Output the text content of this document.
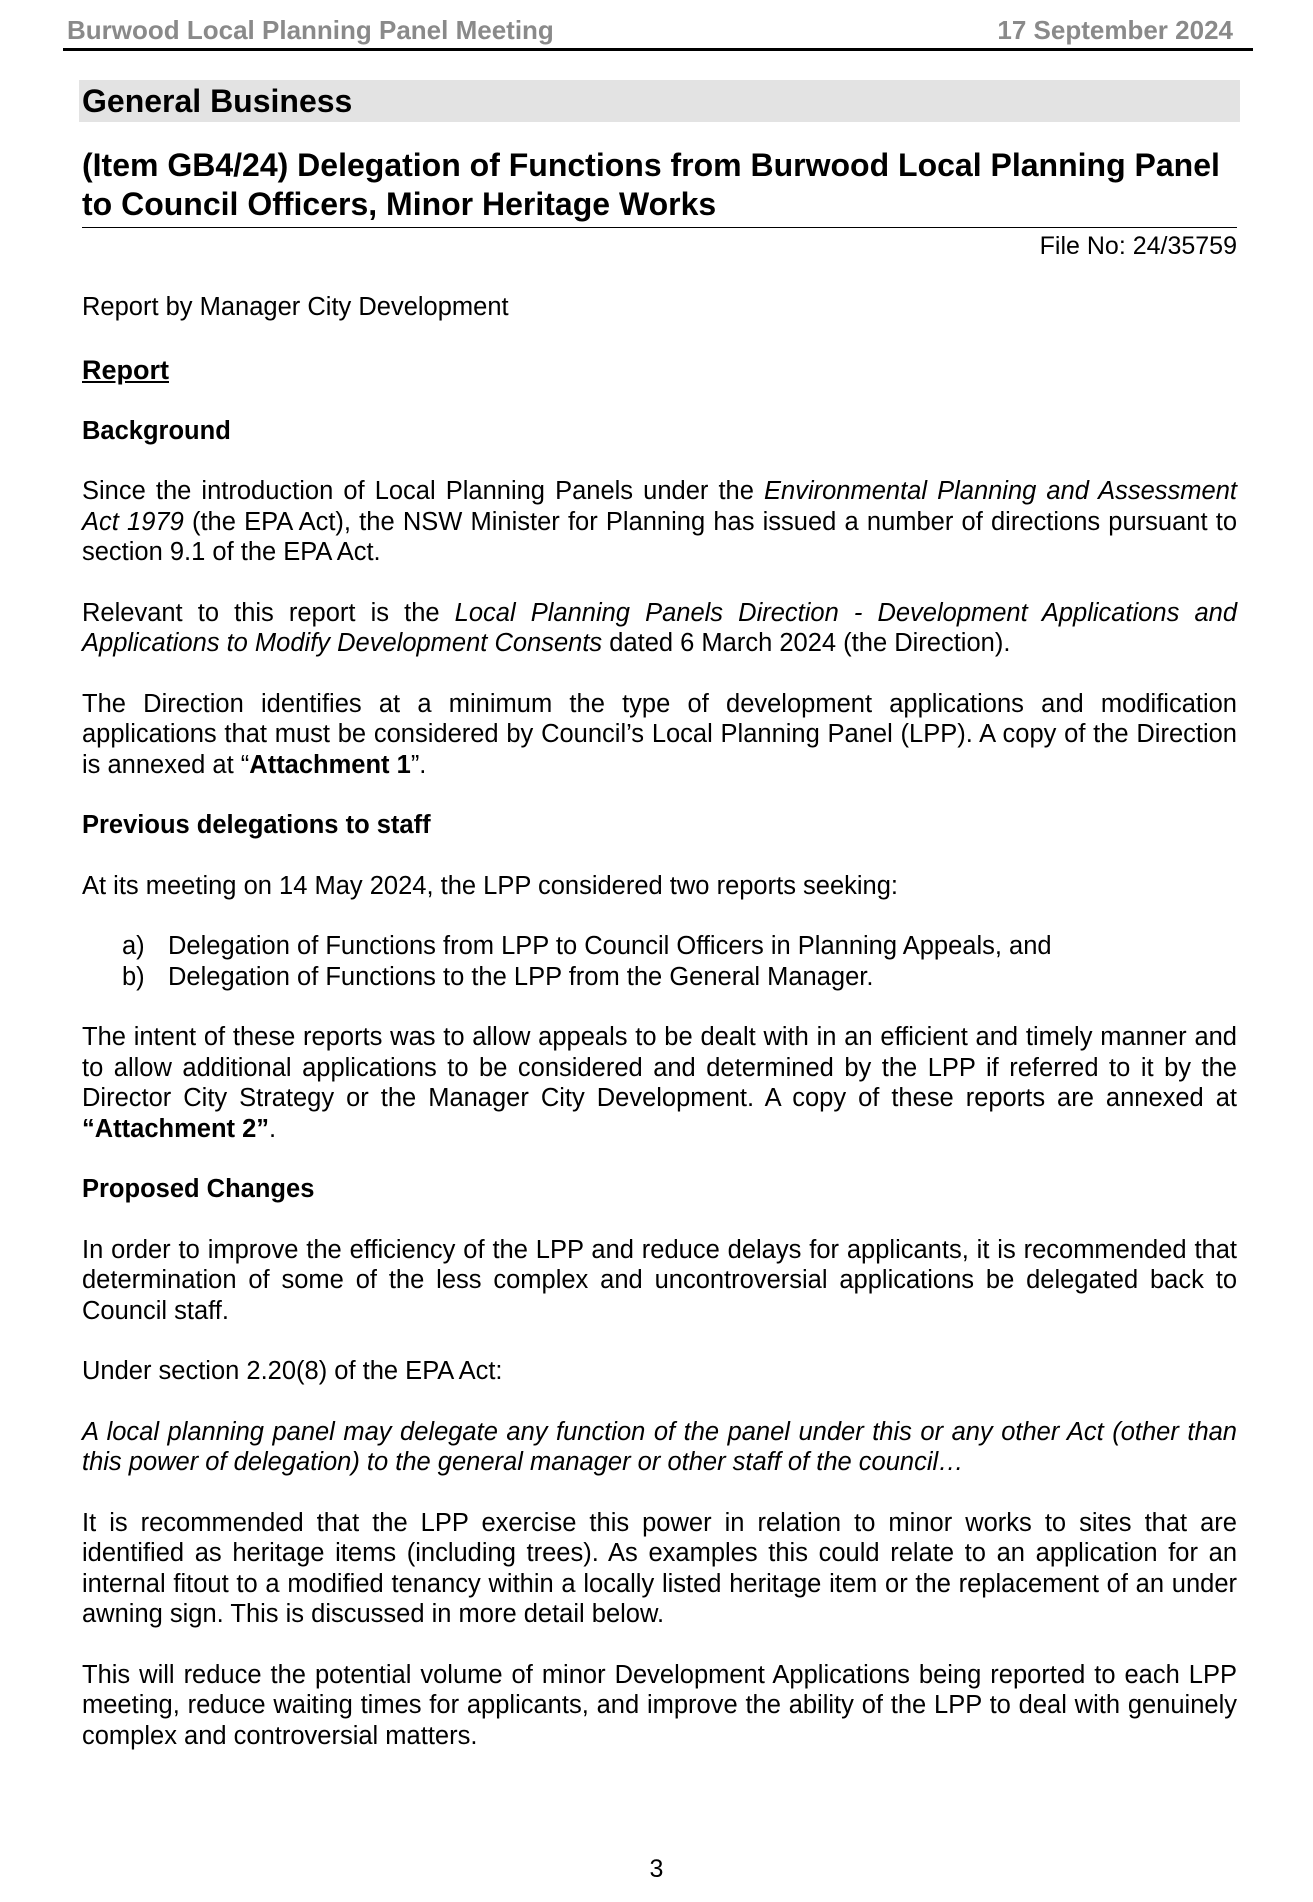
Burwood Local Planning Panel Meeting	17 September 2024
General Business
(Item GB4/24) Delegation of Functions from Burwood Local Planning Panel to Council Officers, Minor Heritage Works
File No: 24/35759

Report by Manager City Development

Report
Background

Since the introduction of Local Planning Panels under the Environmental Planning and Assessment Act 1979 (the EPA Act), the NSW Minister for Planning has issued a number of directions pursuant to section 9.1 of the EPA Act.

Relevant to this report is the Local Planning Panels Direction - Development Applications and Applications to Modify Development Consents dated 6 March 2024 (the Direction).

The Direction identifies at a minimum the type of development applications and modification applications that must be considered by Council’s Local Planning Panel (LPP). A copy of the Direction is annexed at “Attachment 1”.

Previous delegations to staff

At its meeting on 14 May 2024, the LPP considered two reports seeking:

a) Delegation of Functions from LPP to Council Officers in Planning Appeals, and
b) Delegation of Functions to the LPP from the General Manager.

The intent of these reports was to allow appeals to be dealt with in an efficient and timely manner and to allow additional applications to be considered and determined by the LPP if referred to it by the Director City Strategy or the Manager City Development. A copy of these reports are annexed at “Attachment 2”.

Proposed Changes

In order to improve the efficiency of the LPP and reduce delays for applicants, it is recommended that determination of some of the less complex and uncontroversial applications be delegated back to Council staff.

Under section 2.20(8) of the EPA Act:

A local planning panel may delegate any function of the panel under this or any other Act (other than this power of delegation) to the general manager or other staff of the council…

It is recommended that the LPP exercise this power in relation to minor works to sites that are identified as heritage items (including trees). As examples this could relate to an application for an internal fitout to a modified tenancy within a locally listed heritage item or the replacement of an under awning sign. This is discussed in more detail below.

This will reduce the potential volume of minor Development Applications being reported to each LPP meeting, reduce waiting times for applicants, and improve the ability of the LPP to deal with genuinely complex and controversial matters.

3
